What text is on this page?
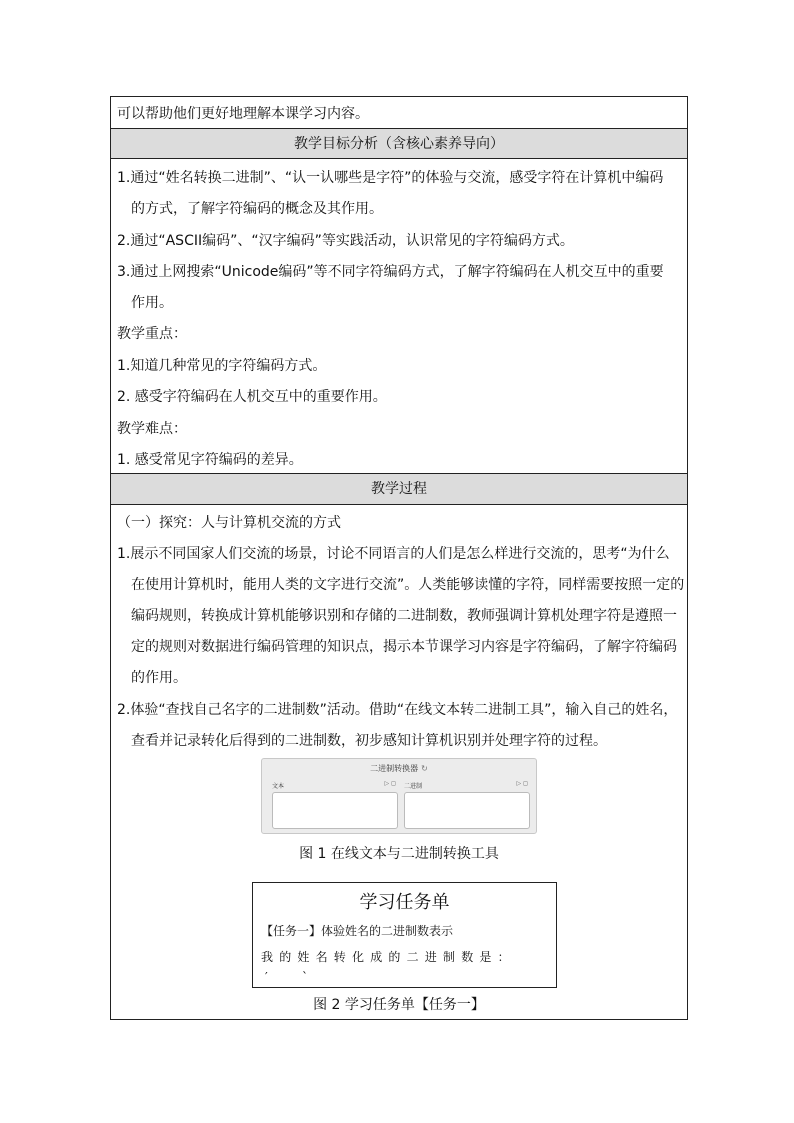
可以帮助他们更好地理解本课学习内容。
教学目标分析（含核心素养导向）
1.通过“姓名转换二进制”、“认一认哪些是字符”的体验与交流，感受字符在计算机中编码
的方式，了解字符编码的概念及其作用。
2.通过“ASCII编码”、“汉字编码”等实践活动，认识常见的字符编码方式。
3.通过上网搜索“Unicode编码”等不同字符编码方式，了解字符编码在人机交互中的重要
作用。
教学重点：
1.知道几种常见的字符编码方式。
2. 感受字符编码在人机交互中的重要作用。
教学难点：
1. 感受常见字符编码的差异。
教学过程
（一）探究：人与计算机交流的方式
1.展示不同国家人们交流的场景，讨论不同语言的人们是怎么样进行交流的，思考“为什么
在使用计算机时，能用人类的文字进行交流”。人类能够读懂的字符，同样需要按照一定的
编码规则，转换成计算机能够识别和存储的二进制数，教师强调计算机处理字符是遵照一
定的规则对数据进行编码管理的知识点，揭示本节课学习内容是字符编码，了解字符编码
的作用。
2.体验“查找自己名字的二进制数”活动。借助“在线文本转二进制工具”，输入自己的姓名，
查看并记录转化后得到的二进制数，初步感知计算机识别并处理字符的过程。
二进制转换器 ↻
文本	▷ ◻ 二进制	▷ ◻
图 1 在线文本与二进制转换工具
学习任务单
【任务一】体验姓名的二进制数表示
我的姓名转化成的二进制数是：
′         ˋ
图 2 学习任务单【任务一】
